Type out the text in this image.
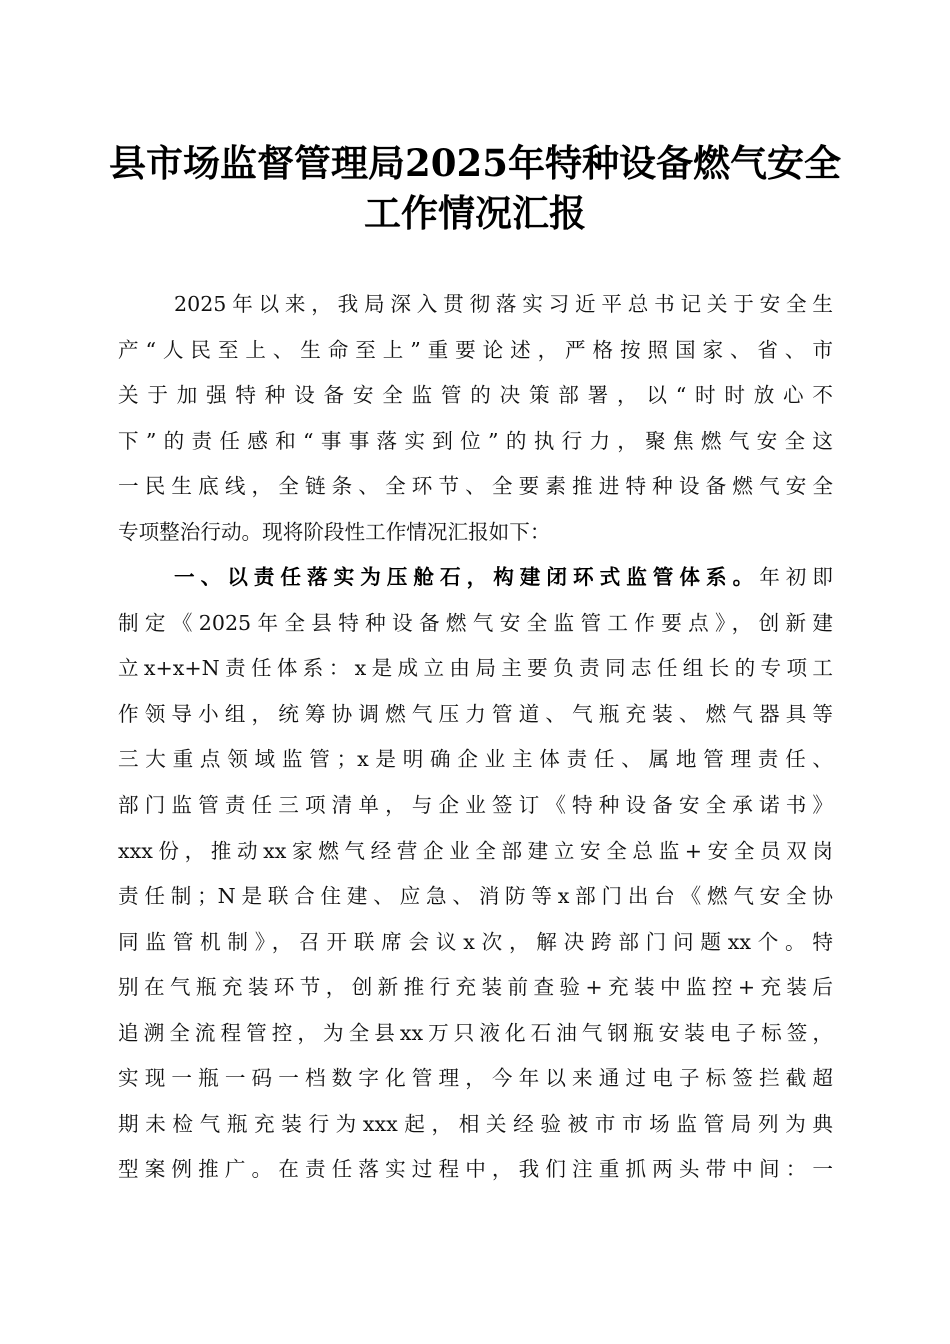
县市场监督管理局2025年特种设备燃气安全
工作情况汇报
2025年以来，我局深入贯彻落实习近平总书记关于安全生
产“人民至上、生命至上”重要论述，严格按照国家、省、市
关于加强特种设备安全监管的决策部署，以“时时放心不
下”的责任感和“事事落实到位”的执行力，聚焦燃气安全这
一民生底线，全链条、全环节、全要素推进特种设备燃气安全
专项整治行动。现将阶段性工作情况汇报如下：
一、以责任落实为压舱石，构建闭环式监管体系。年初即
制定《2025年全县特种设备燃气安全监管工作要点》，创新建
立x+x+N责任体系：x是成立由局主要负责同志任组长的专项工
作领导小组，统筹协调燃气压力管道、气瓶充装、燃气器具等
三大重点领域监管；x是明确企业主体责任、属地管理责任、
部门监管责任三项清单，与企业签订《特种设备安全承诺书》
xxx份，推动xx家燃气经营企业全部建立安全总监+安全员双岗
责任制；N是联合住建、应急、消防等x部门出台《燃气安全协
同监管机制》，召开联席会议x次，解决跨部门问题xx个。特
别在气瓶充装环节，创新推行充装前查验+充装中监控+充装后
追溯全流程管控，为全县xx万只液化石油气钢瓶安装电子标签，
实现一瓶一码一档数字化管理，今年以来通过电子标签拦截超
期未检气瓶充装行为xxx起，相关经验被市市场监管局列为典
型案例推广。在责任落实过程中，我们注重抓两头带中间：一
